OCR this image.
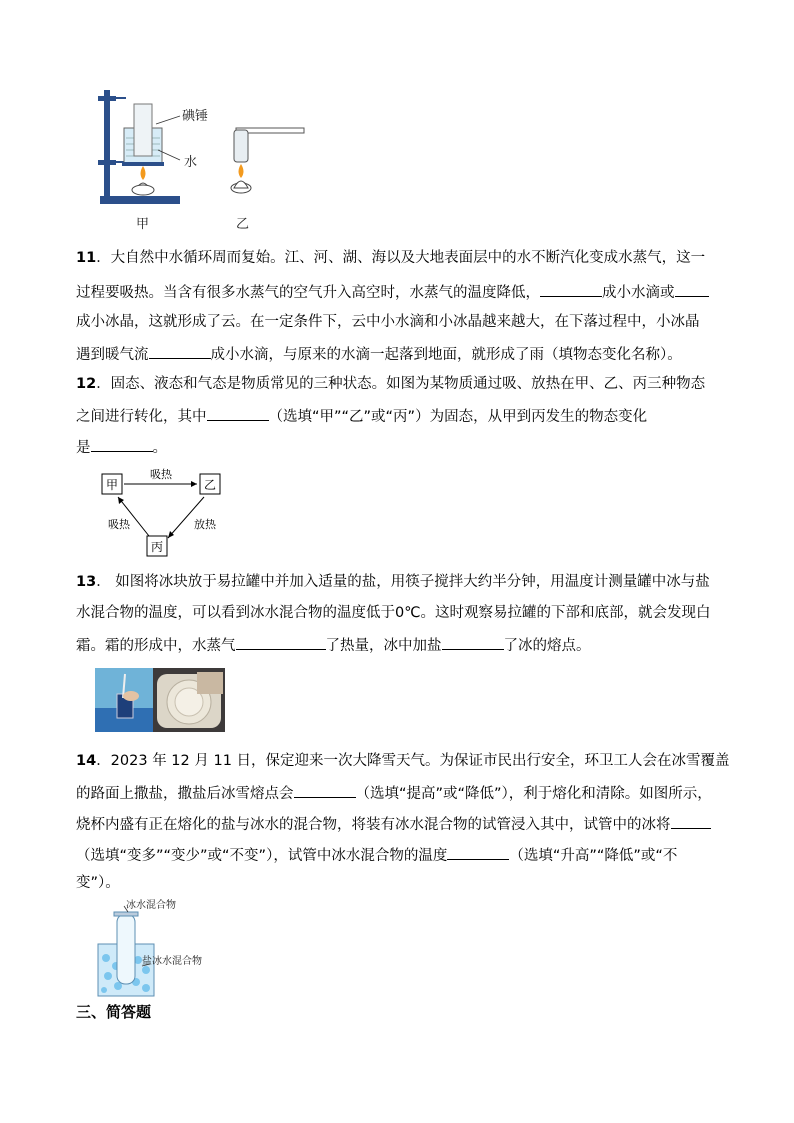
碘锤
水
甲	乙
11．大自然中水循环周而复始。江、河、湖、海以及大地表面层中的水不断汽化变成水蒸气，这一
过程要吸热。当含有很多水蒸气的空气升入高空时，水蒸气的温度降低，	成小水滴或
成小冰晶，这就形成了云。在一定条件下，云中小水滴和小冰晶越来越大，在下落过程中，小冰晶
遇到暖气流	成小水滴，与原来的水滴一起落到地面，就形成了雨（填物态变化名称）。
12．固态、液态和气态是物质常见的三种状态。如图为某物质通过吸、放热在甲、乙、丙三种物态
之间进行转化，其中	（选填“甲”“乙”或“丙”）为固态，从甲到丙发生的物态变化
是	。
甲	乙
丙
吸热
吸热	放热
13． 如图将冰块放于易拉罐中并加入适量的盐，用筷子搅拌大约半分钟，用温度计测量罐中冰与盐
水混合物的温度，可以看到冰水混合物的温度低于0℃。这时观察易拉罐的下部和底部，就会发现白
霜。霜的形成中，水蒸气	了热量，冰中加盐	了冰的熔点。
14．2023 年 12 月 11 日，保定迎来一次大降雪天气。为保证市民出行安全，环卫工人会在冰雪覆盖
的路面上撒盐，撒盐后冰雪熔点会	（选填“提高”或“降低”），利于熔化和清除。如图所示，
烧杯内盛有正在熔化的盐与冰水的混合物，将装有冰水混合物的试管浸入其中，试管中的冰将
（选填“变多”“变少”或“不变”），试管中冰水混合物的温度	（选填“升高”“降低”或“不
变”）。
冰水混合物
盐冰水混合物
三、简答题
